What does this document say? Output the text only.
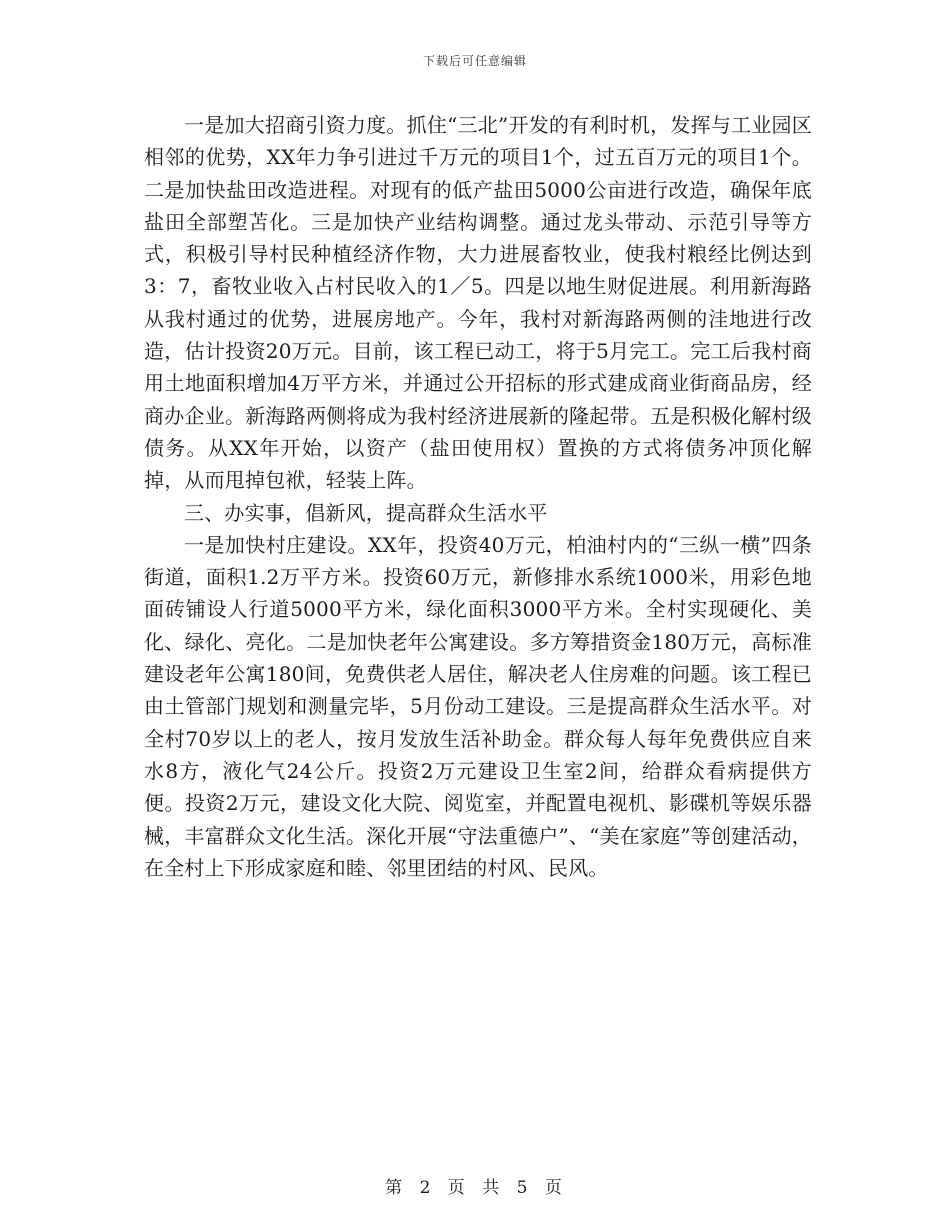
下载后可任意编辑

一是加大招商引资力度。抓住“三北”开发的有利时机，发挥与工业园区相邻的优势，XX年力争引进过千万元的项目1个，过五百万元的项目1个。二是加快盐田改造进程。对现有的低产盐田5000公亩进行改造，确保年底盐田全部塑苫化。三是加快产业结构调整。通过龙头带动、示范引导等方式，积极引导村民种植经济作物，大力进展畜牧业，使我村粮经比例达到3：7，畜牧业收入占村民收入的1／5。四是以地生财促进展。利用新海路从我村通过的优势，进展房地产。今年，我村对新海路两侧的洼地进行改造，估计投资20万元。目前，该工程已动工，将于5月完工。完工后我村商用土地面积增加4万平方米，并通过公开招标的形式建成商业街商品房，经商办企业。新海路两侧将成为我村经济进展新的隆起带。五是积极化解村级债务。从XX年开始，以资产（盐田使用权）置换的方式将债务冲顶化解掉，从而甩掉包袱，轻装上阵。

三、办实事，倡新风，提高群众生活水平

一是加快村庄建设。XX年，投资40万元，柏油村内的“三纵一横”四条街道，面积1.2万平方米。投资60万元，新修排水系统1000米，用彩色地面砖铺设人行道5000平方米，绿化面积3000平方米。全村实现硬化、美化、绿化、亮化。二是加快老年公寓建设。多方筹措资金180万元，高标准建设老年公寓180间，免费供老人居住，解决老人住房难的问题。该工程已由土管部门规划和测量完毕，5月份动工建设。三是提高群众生活水平。对全村70岁以上的老人，按月发放生活补助金。群众每人每年免费供应自来水8方，液化气24公斤。投资2万元建设卫生室2间，给群众看病提供方便。投资2万元，建设文化大院、阅览室，并配置电视机、影碟机等娱乐器械，丰富群众文化生活。深化开展“守法重德户”、“美在家庭”等创建活动，在全村上下形成家庭和睦、邻里团结的村风、民风。

第 2 页 共 5 页
